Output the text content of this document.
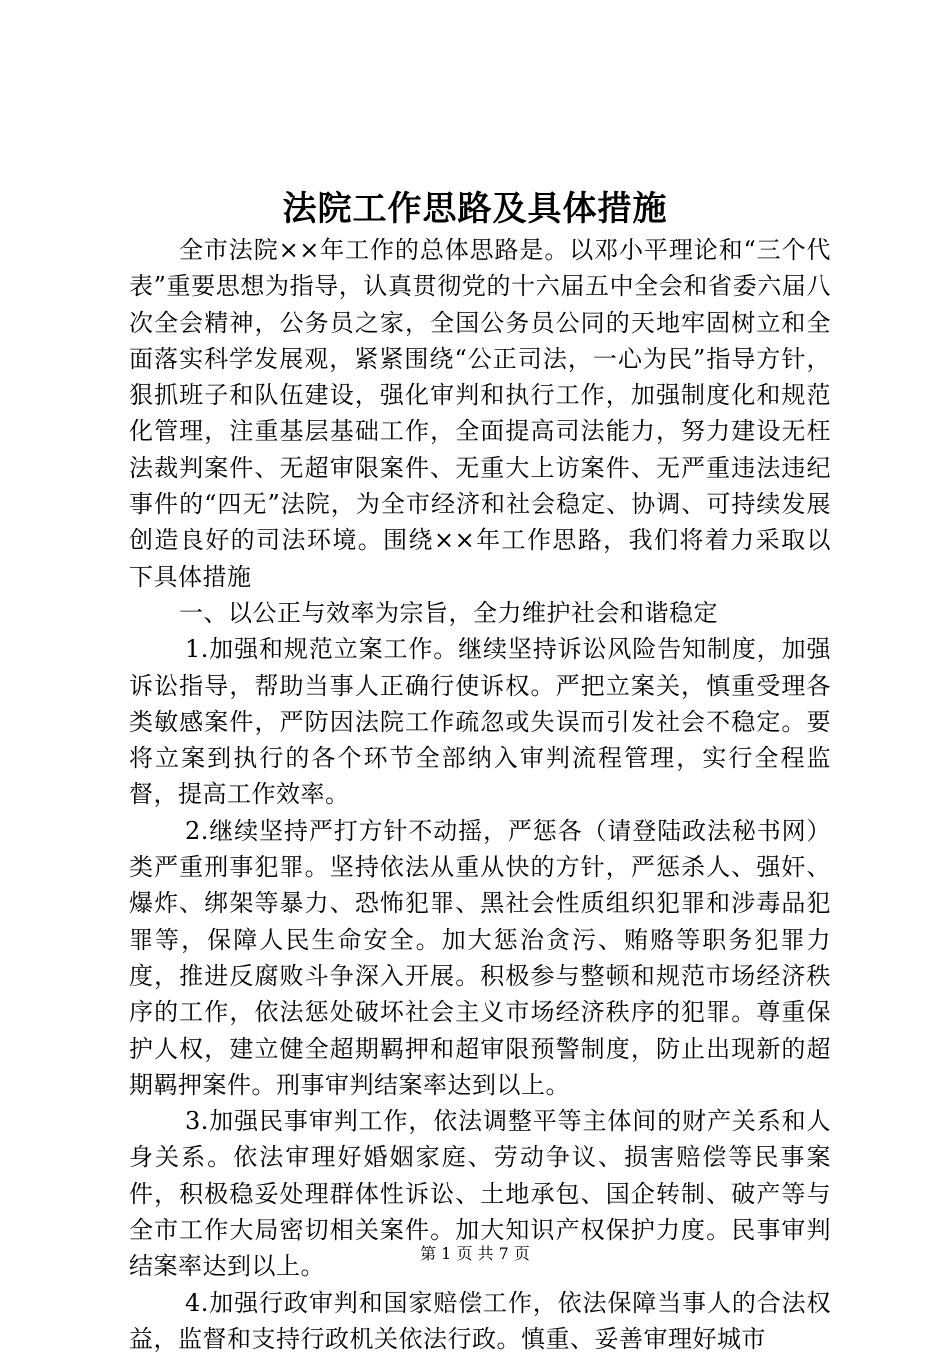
法院工作思路及具体措施

全市法院××年工作的总体思路是。以邓小平理论和“三个代表”重要思想为指导，认真贯彻党的十六届五中全会和省委六届八次全会精神，公务员之家，全国公务员公同的天地牢固树立和全面落实科学发展观，紧紧围绕“公正司法，一心为民”指导方针，狠抓班子和队伍建设，强化审判和执行工作，加强制度化和规范化管理，注重基层基础工作，全面提高司法能力，努力建设无枉法裁判案件、无超审限案件、无重大上访案件、无严重违法违纪事件的“四无”法院，为全市经济和社会稳定、协调、可持续发展创造良好的司法环境。围绕××年工作思路，我们将着力采取以下具体措施

一、以公正与效率为宗旨，全力维护社会和谐稳定

1.加强和规范立案工作。继续坚持诉讼风险告知制度，加强诉讼指导，帮助当事人正确行使诉权。严把立案关，慎重受理各类敏感案件，严防因法院工作疏忽或失误而引发社会不稳定。要将立案到执行的各个环节全部纳入审判流程管理，实行全程监督，提高工作效率。

2.继续坚持严打方针不动摇，严惩各（请登陆政法秘书网）类严重刑事犯罪。坚持依法从重从快的方针，严惩杀人、强奸、爆炸、绑架等暴力、恐怖犯罪、黑社会性质组织犯罪和涉毒品犯罪等，保障人民生命安全。加大惩治贪污、贿赂等职务犯罪力度，推进反腐败斗争深入开展。积极参与整顿和规范市场经济秩序的工作，依法惩处破坏社会主义市场经济秩序的犯罪。尊重保护人权，建立健全超期羁押和超审限预警制度，防止出现新的超期羁押案件。刑事审判结案率达到以上。

3.加强民事审判工作，依法调整平等主体间的财产关系和人身关系。依法审理好婚姻家庭、劳动争议、损害赔偿等民事案件，积极稳妥处理群体性诉讼、土地承包、国企转制、破产等与全市工作大局密切相关案件。加大知识产权保护力度。民事审判结案率达到以上。

4.加强行政审判和国家赔偿工作，依法保障当事人的合法权益，监督和支持行政机关依法行政。慎重、妥善审理好城市

第 1 页 共 7 页
